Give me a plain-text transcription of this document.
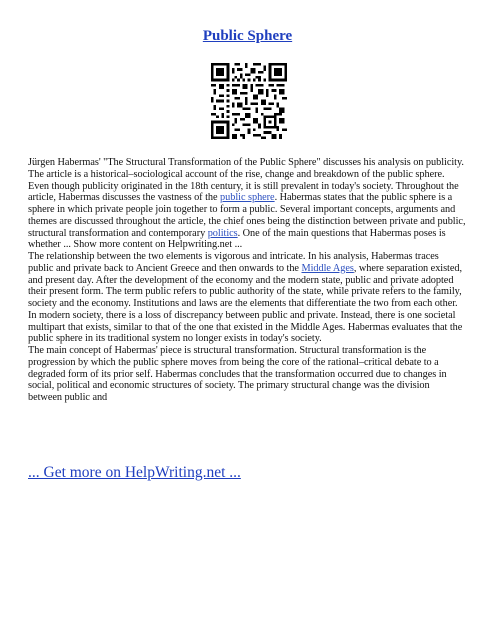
Public Sphere

Jürgen Habermas' "The Structural Transformation of the Public Sphere" discusses his analysis on publicity. The article is a historical–sociological account of the rise, change and breakdown of the public sphere. Even though publicity originated in the 18th century, it is still prevalent in today's society. Throughout the article, Habermas discusses the vastness of the public sphere. Habermas states that the public sphere is a sphere in which private people join together to form a public. Several important concepts, arguments and themes are discussed throughout the article, the chief ones being the distinction between private and public, structural transformation and contemporary politics. One of the main questions that Habermas poses is whether ... Show more content on Helpwriting.net ...

The relationship between the two elements is vigorous and intricate. In his analysis, Habermas traces public and private back to Ancient Greece and then onwards to the Middle Ages, where separation existed, and present day. After the development of the economy and the modern state, public and private adopted their present form. The term public refers to public authority of the state, while private refers to the family, society and the economy. Institutions and laws are the elements that differentiate the two from each other. In modern society, there is a loss of discrepancy between public and private. Instead, there is one societal multipart that exists, similar to that of the one that existed in the Middle Ages. Habermas evaluates that the public sphere in its traditional system no longer exists in today's society.

The main concept of Habermas' piece is structural transformation. Structural transformation is the progression by which the public sphere moves from being the core of the rational–critical debate to a degraded form of its prior self. Habermas concludes that the transformation occurred due to changes in social, political and economic structures of society. The primary structural change was the division between public and

... Get more on HelpWriting.net ...
